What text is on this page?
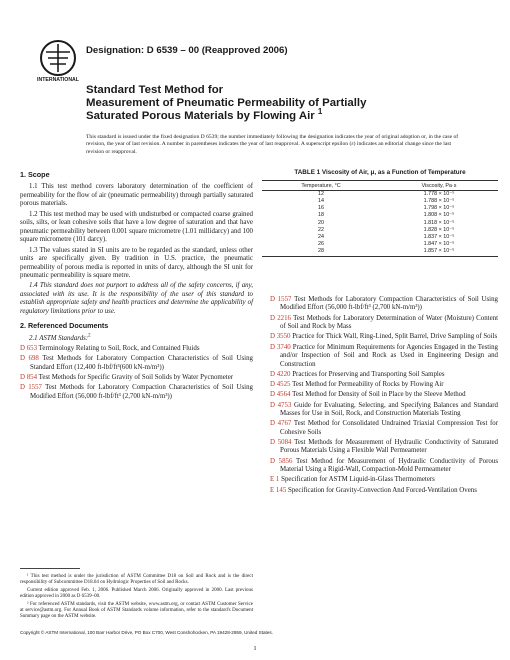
INTERNATIONAL
Designation: D 6539 – 00 (Reapproved 2006)
Standard Test Method for
Measurement of Pneumatic Permeability of Partially
Saturated Porous Materials by Flowing Air $^1$
This standard is issued under the fixed designation D 6539; the number immediately following the designation indicates the year of original adoption or, in the case of revision, the year of last revision. A number in parentheses indicates the year of last reapproval. A superscript epsilon (ε) indicates an editorial change since the last revision or reapproval.
1. Scope

1.1 This test method covers laboratory determination of the coefficient of permeability for the flow of air (pneumatic permeability) through partially saturated porous materials.

1.2 This test method may be used with undisturbed or compacted coarse grained soils, silts, or lean cohesive soils that have a low degree of saturation and that have pneumatic permeability between 0.001 square micrometre (1.01 millidarcy) and 100 square micrometre (101 darcy).

1.3 The values stated in SI units are to be regarded as the standard, unless other units are specifically given. By tradition in U.S. practice, the pneumatic permeability of porous media is reported in units of darcy, although the SI unit for pneumatic permeability is square metre.

1.4 This standard does not purport to address all of the safety concerns, if any, associated with its use. It is the responsibility of the user of this standard to establish appropriate safety and health practices and determine the applicability of regulatory limitations prior to use.

2. Referenced Documents
2.1 ASTM Standards:$^2$

D 653 Terminology Relating to Soil, Rock, and Contained Fluids

D 698 Test Methods for Laboratory Compaction Characteristics of Soil Using Standard Effort (12,400 ft-lbf/ft³(600 kN-m/m³))

D 854 Test Methods for Specific Gravity of Soil Solids by Water Pycnometer

D 1557 Test Methods for Laboratory Compaction Characteristics of Soil Using Modified Effort (56,000 ft-lbf/ft³ (2,700 kN-m/m³))

TABLE 1 Viscosity of Air, μ, as a Function of Temperature
Temperature, °C	Viscosity, Pa·s
12	1.778 × 10⁻⁵
14	1.788 × 10⁻⁵
16	1.798 × 10⁻⁵
18	1.808 × 10⁻⁵
20	1.818 × 10⁻⁵
22	1.828 × 10⁻⁵
24	1.837 × 10⁻⁵
26	1.847 × 10⁻⁵
28	1.857 × 10⁻⁵

D 1557 Test Methods for Laboratory Compaction Characteristics of Soil Using Modified Effort (56,000 ft-lbf/ft³ (2,700 kN-m/m³))

D 2216 Test Methods for Laboratory Determination of Water (Moisture) Content of Soil and Rock by Mass

D 3550 Practice for Thick Wall, Ring-Lined, Split Barrel, Drive Sampling of Soils

D 3740 Practice for Minimum Requirements for Agencies Engaged in the Testing and/or Inspection of Soil and Rock as Used in Engineering Design and Construction

D 4220 Practices for Preserving and Transporting Soil Samples

D 4525 Test Method for Permeability of Rocks by Flowing Air

D 4564 Test Method for Density of Soil in Place by the Sleeve Method

D 4753 Guide for Evaluating, Selecting, and Specifying Balances and Standard Masses for Use in Soil, Rock, and Construction Materials Testing

D 4767 Test Method for Consolidated Undrained Triaxial Compression Test for Cohesive Soils

D 5084 Test Methods for Measurement of Hydraulic Conductivity of Saturated Porous Materials Using a Flexible Wall Permeameter

D 5856 Test Method for Measurement of Hydraulic Conductivity of Porous Material Using a Rigid-Wall, Compaction-Mold Permeameter

E 1 Specification for ASTM Liquid-in-Glass Thermometers

E 145 Specification for Gravity-Convection And Forced-Ventilation Ovens

¹ This test method is under the jurisdiction of ASTM Committee D18 on Soil and Rock and is the direct responsibility of Subcommittee D18.04 on Hydrologic Properties of Soil and Rocks.

Current edition approved Feb. 1, 2006. Published March 2006. Originally approved in 2000. Last previous edition approved in 2000 as D 6539–00.

² For referenced ASTM standards, visit the ASTM website, www.astm.org, or contact ASTM Customer Service at service@astm.org. For Annual Book of ASTM Standards volume information, refer to the standard's Document Summary page on the ASTM website.

Copyright © ASTM International, 100 Barr Harbor Drive, PO Box C700, West Conshohocken, PA 19428-2959, United States.
1
